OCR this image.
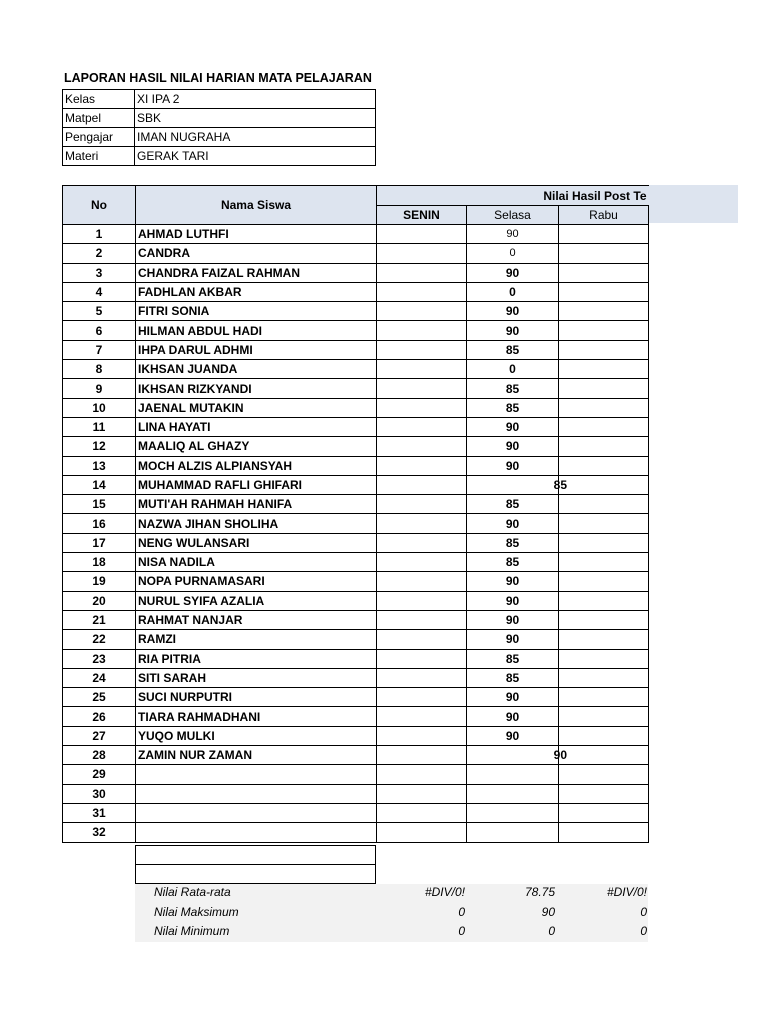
LAPORAN HASIL NILAI HARIAN MATA PELAJARAN
Kelas	XI IPA 2
Matpel	SBK
Pengajar	IMAN NUGRAHA
Materi	GERAK TARI
No	Nama Siswa	Nilai Hasil Post Te		
		SENIN	Selasa	Rabu
1	AHMAD LUTHFI		90	
2	CANDRA		0	
3	CHANDRA FAIZAL RAHMAN		90	
4	FADHLAN AKBAR		0	
5	FITRI SONIA		90	
6	HILMAN ABDUL HADI		90	
7	IHPA DARUL ADHMI		85	
8	IKHSAN JUANDA		0	
9	IKHSAN RIZKYANDI		85	
10	JAENAL MUTAKIN		85	
11	LINA HAYATI		90	
12	MAALIQ AL GHAZY		90	
13	MOCH ALZIS ALPIANSYAH		90	
14	MUHAMMAD RAFLI GHIFARI		85	
15	MUTI'AH RAHMAH HANIFA		85	
16	NAZWA JIHAN SHOLIHA		90	
17	NENG WULANSARI		85	
18	NISA NADILA		85	
19	NOPA PURNAMASARI		90	
20	NURUL SYIFA AZALIA		90	
21	RAHMAT NANJAR		90	
22	RAMZI		90	
23	RIA PITRIA		85	
24	SITI SARAH		85	
25	SUCI NURPUTRI		90	
26	TIARA RAHMADHANI		90	
27	YUQO MULKI		90	
28	ZAMIN NUR ZAMAN		90	
29				
30				
31				
32				

Nilai Rata-rata	#DIV/0!	78.75	#DIV/0!
Nilai Maksimum	0	90	0
Nilai Minimum	0	0	0
